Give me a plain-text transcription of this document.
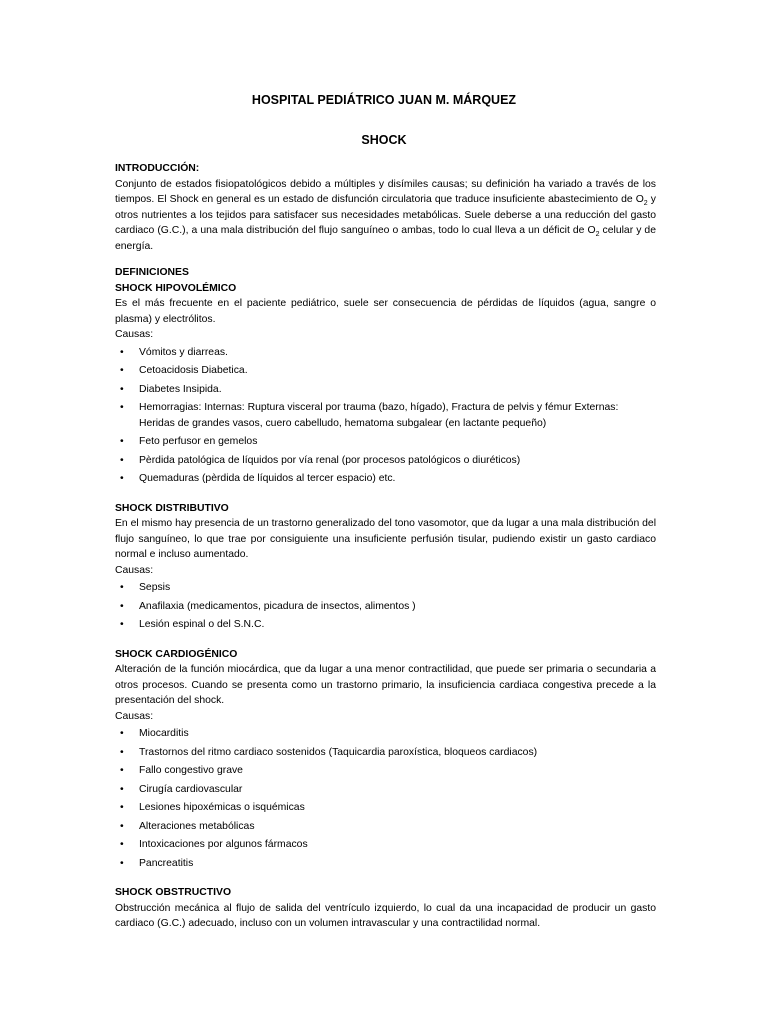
HOSPITAL PEDIÁTRICO JUAN M. MÁRQUEZ
SHOCK
INTRODUCCIÓN:

Conjunto de estados fisiopatológicos debido a múltiples y disímiles causas; su definición ha variado a través de los tiempos. El Shock en general es un estado de disfunción circulatoria que traduce insuficiente abastecimiento de $O_2$ y otros nutrientes a los tejidos para satisfacer sus necesidades metabólicas. Suele deberse a una reducción del gasto cardiaco (G.C.), a una mala distribución del flujo sanguíneo o ambas, todo lo cual lleva a un déficit de $O_2$ celular y de energía.

DEFINICIONES
SHOCK HIPOVOLÉMICO

Es el más frecuente en el paciente pediátrico, suele ser consecuencia de pérdidas de líquidos (agua, sangre o plasma) y electrólitos.

Causas:

• Vómitos y diarreas.
• Cetoacidosis Diabetica.
• Diabetes Insipida.
• Hemorragias: Internas: Ruptura visceral por trauma (bazo, hígado), Fractura de pelvis y fémur Externas: Heridas de grandes vasos, cuero cabelludo, hematoma subgalear (en lactante pequeño)
• Feto perfusor en gemelos
• Pèrdida patológica de líquidos por vía renal (por procesos patológicos o diuréticos)
• Quemaduras (pèrdida de líquidos al tercer espacio) etc.
SHOCK DISTRIBUTIVO

En el mismo hay presencia de un trastorno generalizado del tono vasomotor, que da lugar a una mala distribución del flujo sanguíneo, lo que trae por consiguiente una insuficiente perfusión tisular, pudiendo existir un gasto cardiaco normal e incluso aumentado.

Causas:

• Sepsis
• Anafilaxia (medicamentos, picadura de insectos, alimentos )
• Lesión espinal o del S.N.C.
SHOCK CARDIOGÉNICO

Alteración de la función miocárdica, que da lugar a una menor contractilidad, que puede ser primaria o secundaria a otros procesos. Cuando se presenta como un trastorno primario, la insuficiencia cardiaca congestiva precede a la presentación del shock.

Causas:

• Miocarditis
• Trastornos del ritmo cardiaco sostenidos (Taquicardia paroxística, bloqueos cardiacos)
• Fallo congestivo grave
• Cirugía cardiovascular
• Lesiones hipoxémicas o isquémicas
• Alteraciones metabólicas
• Intoxicaciones por algunos fármacos
• Pancreatitis
SHOCK OBSTRUCTIVO

Obstrucción mecánica al flujo de salida del ventrículo izquierdo, lo cual da una incapacidad de producir un gasto cardiaco (G.C.) adecuado, incluso con un volumen intravascular y una contractilidad normal.
